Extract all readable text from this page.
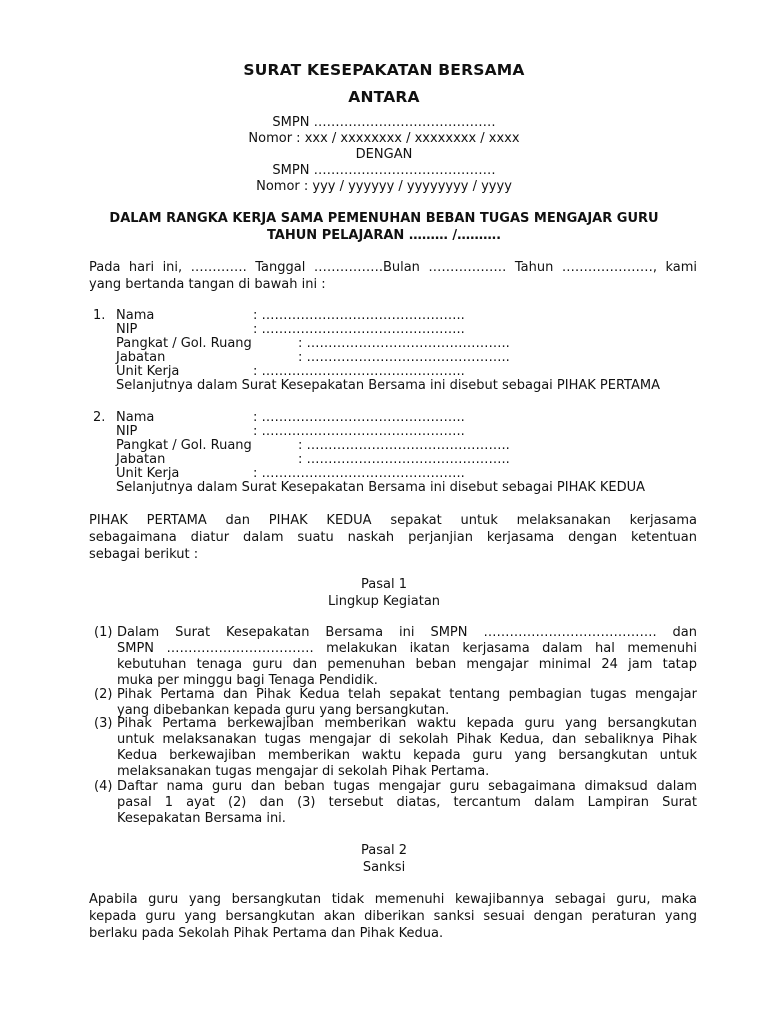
SURAT KESEPAKATAN BERSAMA
ANTARA
SMPN ……………………………………
Nomor : xxx / xxxxxxxx / xxxxxxxx / xxxx
DENGAN
SMPN ……………………………………
Nomor : yyy / yyyyyy / yyyyyyyy / yyyy
DALAM RANGKA KERJA SAMA PEMENUHAN BEBAN TUGAS MENGAJAR GURU
TAHUN PELAJARAN ……… /……….
Pada hari ini, …………. Tanggal …………….Bulan ……………… Tahun …………………, kami
yang bertanda tangan di bawah ini :
1. Nama	: ………………………………………..
NIP	: ………………………………………..
Pangkat / Gol. Ruang	: ………………………………………..
Jabatan	: ………………………………………..
Unit Kerja	: ………………………………………..
Selanjutnya dalam Surat Kesepakatan Bersama ini disebut sebagai PIHAK PERTAMA
2. Nama	: ………………………………………..
NIP	: ………………………………………..
Pangkat / Gol. Ruang	: ………………………………………..
Jabatan	: ………………………………………..
Unit Kerja	: ………………………………………..
Selanjutnya dalam Surat Kesepakatan Bersama ini disebut sebagai PIHAK KEDUA
PIHAK PERTAMA dan PIHAK KEDUA sepakat untuk melaksanakan kerjasama
sebagaimana diatur dalam suatu naskah perjanjian kerjasama dengan ketentuan
sebagai berikut :
Pasal 1
Lingkup Kegiatan
(1) Dalam Surat Kesepakatan Bersama ini SMPN …………………………………. dan
SMPN ……………………………. melakukan ikatan kerjasama dalam hal memenuhi
kebutuhan tenaga guru dan pemenuhan beban mengajar minimal 24 jam tatap
muka per minggu bagi Tenaga Pendidik.
(2) Pihak Pertama dan Pihak Kedua telah sepakat tentang pembagian tugas mengajar
yang dibebankan kepada guru yang bersangkutan.
(3) Pihak Pertama berkewajiban memberikan waktu kepada guru yang bersangkutan
untuk melaksanakan tugas mengajar di sekolah Pihak Kedua, dan sebaliknya Pihak
Kedua berkewajiban memberikan waktu kepada guru yang bersangkutan untuk
melaksanakan tugas mengajar di sekolah Pihak Pertama.
(4) Daftar nama guru dan beban tugas mengajar guru sebagaimana dimaksud dalam
pasal 1 ayat (2) dan (3) tersebut diatas, tercantum dalam Lampiran Surat
Kesepakatan Bersama ini.
Pasal 2
Sanksi
Apabila guru yang bersangkutan tidak memenuhi kewajibannya sebagai guru, maka
kepada guru yang bersangkutan akan diberikan sanksi sesuai dengan peraturan yang
berlaku pada Sekolah Pihak Pertama dan Pihak Kedua.
